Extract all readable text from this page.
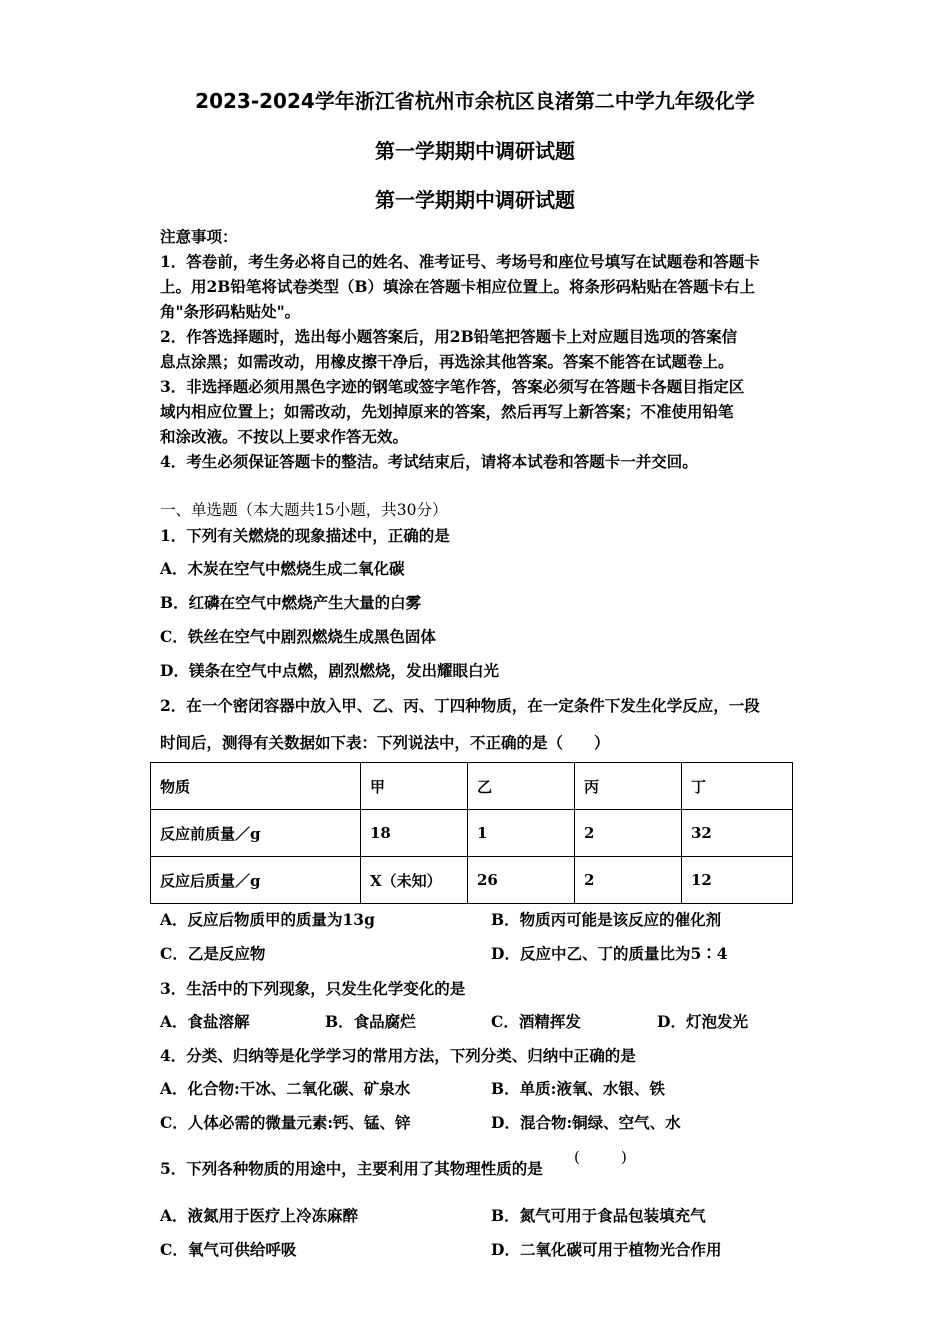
2023-2024学年浙江省杭州市余杭区良渚第二中学九年级化学
第一学期期中调研试题
第一学期期中调研试题
注意事项：
1．答卷前，考生务必将自己的姓名、准考证号、考场号和座位号填写在试题卷和答题卡
上。用2B铅笔将试卷类型（B）填涂在答题卡相应位置上。将条形码粘贴在答题卡右上
角"条形码粘贴处"。
2．作答选择题时，选出每小题答案后，用2B铅笔把答题卡上对应题目选项的答案信
息点涂黑；如需改动，用橡皮擦干净后，再选涂其他答案。答案不能答在试题卷上。
3．非选择题必须用黑色字迹的钢笔或签字笔作答，答案必须写在答题卡各题目指定区
域内相应位置上；如需改动，先划掉原来的答案，然后再写上新答案；不准使用铅笔
和涂改液。不按以上要求作答无效。
4．考生必须保证答题卡的整洁。考试结束后，请将本试卷和答题卡一并交回。
一、单选题（本大题共15小题，共30分）
1．下列有关燃烧的现象描述中，正确的是
A．木炭在空气中燃烧生成二氧化碳
B．红磷在空气中燃烧产生大量的白雾
C．铁丝在空气中剧烈燃烧生成黑色固体
D．镁条在空气中点燃，剧烈燃烧，发出耀眼白光
2．在一个密闭容器中放入甲、乙、丙、丁四种物质，在一定条件下发生化学反应，一段
时间后，测得有关数据如下表：下列说法中，不正确的是（　　）
物质	甲	乙	丙	丁
反应前质量／g	18	1	2	32
反应后质量／g	X（未知）	26	2	12
A．反应后物质甲的质量为13g	B．物质丙可能是该反应的催化剂
C．乙是反应物	D．反应中乙、丁的质量比为5∶4
3．生活中的下列现象，只发生化学变化的是
A．食盐溶解	B．食品腐烂	C．酒精挥发	D．灯泡发光
4．分类、归纳等是化学学习的常用方法，下列分类、归纳中正确的是
A．化合物:干冰、二氧化碳、矿泉水	B．单质:液氧、水银、铁
C．人体必需的微量元素:钙、锰、锌	D．混合物:铜绿、空气、水
5．下列各种物质的用途中，主要利用了其物理性质的是
(	)
A．液氮用于医疗上冷冻麻醉	B．氮气可用于食品包装填充气
C．氧气可供给呼吸	D．二氧化碳可用于植物光合作用
